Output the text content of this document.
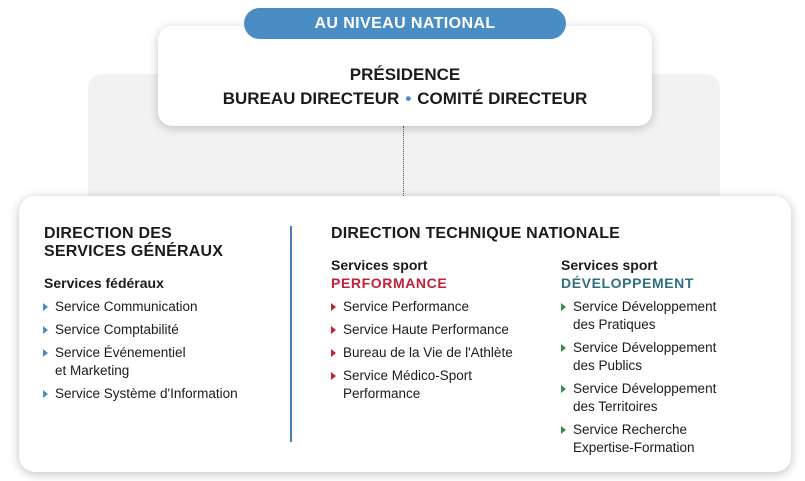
AU NIVEAU NATIONAL
PRÉSIDENCE
BUREAU DIRECTEUR • COMITÉ DIRECTEUR
DIRECTION DES
SERVICES GÉNÉRAUX
Services fédéraux
Service Communication
Service Comptabilité
Service Événementiel
et Marketing
Service Système d'Information
DIRECTION TECHNIQUE NATIONALE
Services sport
PERFORMANCE
Service Performance
Service Haute Performance
Bureau de la Vie de l'Athlète
Service Médico-Sport
Performance
Services sport
DÉVELOPPEMENT
Service Développement
des Pratiques
Service Développement
des Publics
Service Développement
des Territoires
Service Recherche
Expertise-Formation
